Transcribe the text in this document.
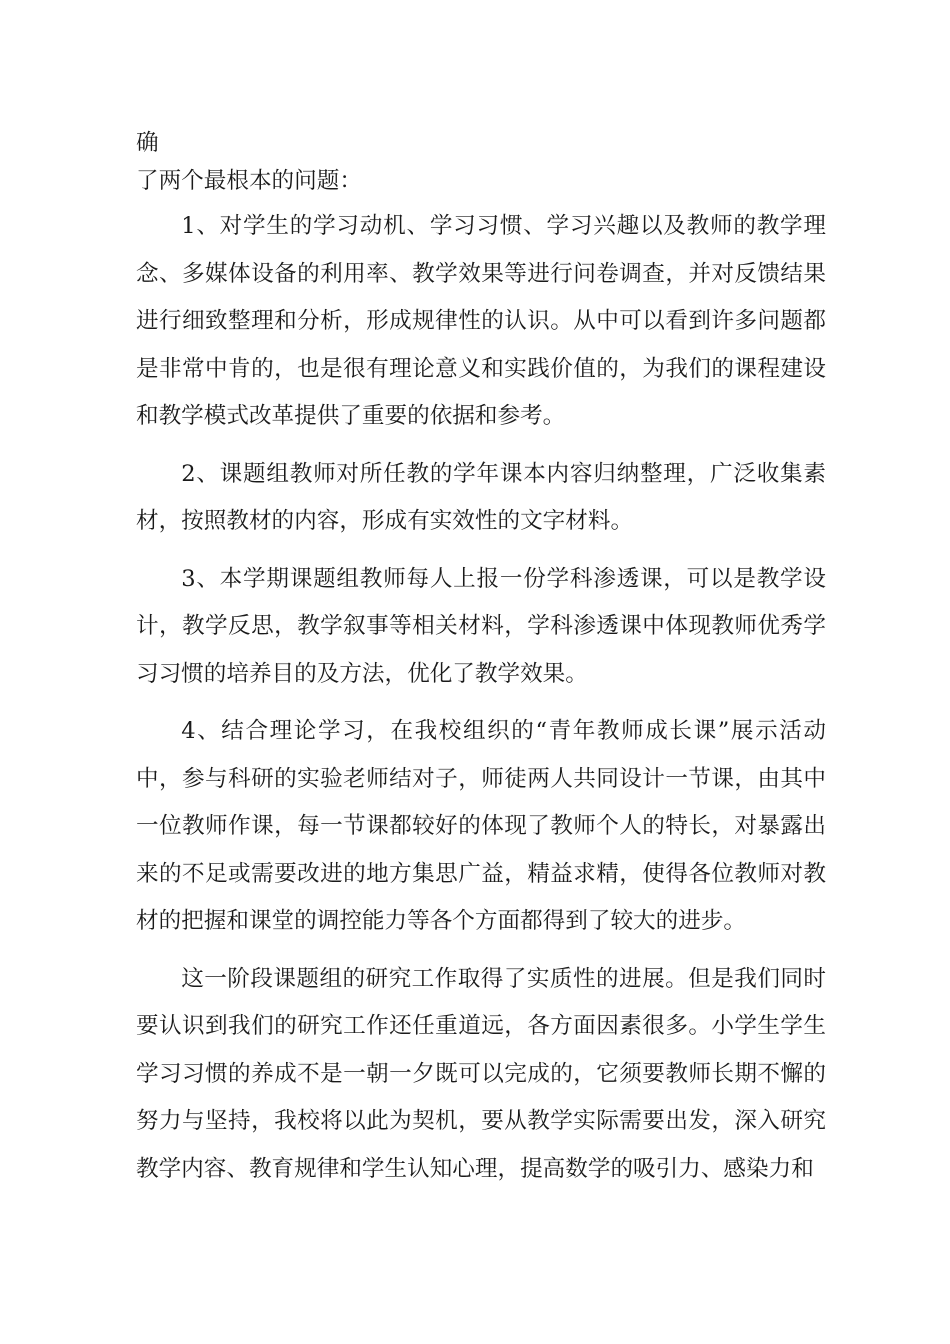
确

了两个最根本的问题：

1、对学生的学习动机、学习习惯、学习兴趣以及教师的教学理念、多媒体设备的利用率、教学效果等进行问卷调查，并对反馈结果进行细致整理和分析，形成规律性的认识。从中可以看到许多问题都是非常中肯的，也是很有理论意义和实践价值的，为我们的课程建设和教学模式改革提供了重要的依据和参考。

2、课题组教师对所任教的学年课本内容归纳整理，广泛收集素材，按照教材的内容，形成有实效性的文字材料。

3、本学期课题组教师每人上报一份学科渗透课，可以是教学设计，教学反思，教学叙事等相关材料，学科渗透课中体现教师优秀学习习惯的培养目的及方法，优化了教学效果。

4、结合理论学习，在我校组织的“青年教师成长课”展示活动中，参与科研的实验老师结对子，师徒两人共同设计一节课，由其中一位教师作课，每一节课都较好的体现了教师个人的特长，对暴露出来的不足或需要改进的地方集思广益，精益求精，使得各位教师对教材的把握和课堂的调控能力等各个方面都得到了较大的进步。

这一阶段课题组的研究工作取得了实质性的进展。但是我们同时要认识到我们的研究工作还任重道远，各方面因素很多。小学生学生学习习惯的养成不是一朝一夕既可以完成的，它须要教师长期不懈的努力与坚持，我校将以此为契机，要从教学实际需要出发，深入研究教学内容、教育规律和学生认知心理，提高数学的吸引力、感染力和
